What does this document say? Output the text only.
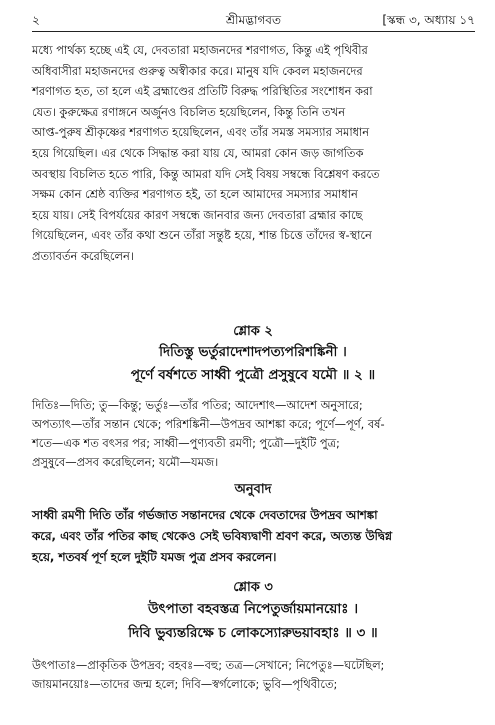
২	শ্রীমদ্ভাগবত	[স্কন্ধ ৩, অধ্যায় ১৭
মধ্যে পার্থক্য হচ্ছে এই যে, দেবতারা মহাজনদের শরণাগত, কিন্তু এই পৃথিবীর
অধিবাসীরা মহাজনদের গুরুত্ব অস্বীকার করে। মানুষ যদি কেবল মহাজনদের
শরণাগত হত, তা হলে এই ব্রহ্মাণ্ডের প্রতিটি বিরুদ্ধ পরিস্থিতির সংশোধন করা
যেত। কুরুক্ষেত্র রণাঙ্গনে অর্জুনও বিচলিত হয়েছিলেন, কিন্তু তিনি তখন
আপ্ত-পুরুষ শ্রীকৃষ্ণের শরণাগত হয়েছিলেন, এবং তাঁর সমস্ত সমস্যার সমাধান
হয়ে গিয়েছিল। এর থেকে সিদ্ধান্ত করা যায় যে, আমরা কোন জড় জাগতিক
অবস্থায় বিচলিত হতে পারি, কিন্তু আমরা যদি সেই বিষয় সম্বন্ধে বিশ্লেষণ করতে
সক্ষম কোন শ্রেষ্ঠ ব্যক্তির শরণাগত হই, তা হলে আমাদের সমস্যার সমাধান
হয়ে যায়। সেই বিপর্যয়ের কারণ সম্বন্ধে জানবার জন্য দেবতারা ব্রহ্মার কাছে
গিয়েছিলেন, এবং তাঁর কথা শুনে তাঁরা সন্তুষ্ট হয়ে, শান্ত চিত্তে তাঁদের স্ব-স্থানে
প্রত্যাবর্তন করেছিলেন।

শ্লোক ২

দিতিস্তু ভর্তুরাদেশাদপত্যপরিশঙ্কিনী ।

পূর্ণে বর্ষশতে সাধ্বী পুত্রৌ প্রসুষুবে যমৌ ॥ ২ ॥

দিতিঃ—দিতি; তু—কিন্তু; ভর্তুঃ—তাঁর পতির; আদেশাৎ—আদেশ অনুসারে;
অপত্যাৎ—তাঁর সন্তান থেকে; পরিশঙ্কিনী—উপদ্রব আশঙ্কা করে; পূর্ণে—পূর্ণ, বর্ষ-
শতে—এক শত বৎসর পর; সাধ্বী—পুণ্যবতী রমণী; পুত্রৌ—দুইটি পুত্র;
প্রসুষুবে—প্রসব করেছিলেন; যমৌ—যমজ।

অনুবাদ

সাধ্বী রমণী দিতি তাঁর গর্ভজাত সন্তানদের থেকে দেবতাদের উপদ্রব আশঙ্কা
করে, এবং তাঁর পতির কাছ থেকেও সেই ভবিষ্যদ্বাণী শ্রবণ করে, অত্যন্ত উদ্বিগ্ন
হয়ে, শতবর্ষ পূর্ণ হলে দুইটি যমজ পুত্র প্রসব করলেন।

শ্লোক ৩

উৎপাতা বহবস্তত্র নিপেতুর্জায়মানয়োঃ ।

দিবি ভুব্যন্তরিক্ষে চ লোকস্যোরুভয়াবহাঃ ॥ ৩ ॥

উৎপাতাঃ—প্রাকৃতিক উপদ্রব; বহবঃ—বহু; তত্র—সেখানে; নিপেতুঃ—ঘটেছিল;
জায়মানয়োঃ—তাদের জন্ম হলে; দিবি—স্বর্গলোকে; ভুবি—পৃথিবীতে;
